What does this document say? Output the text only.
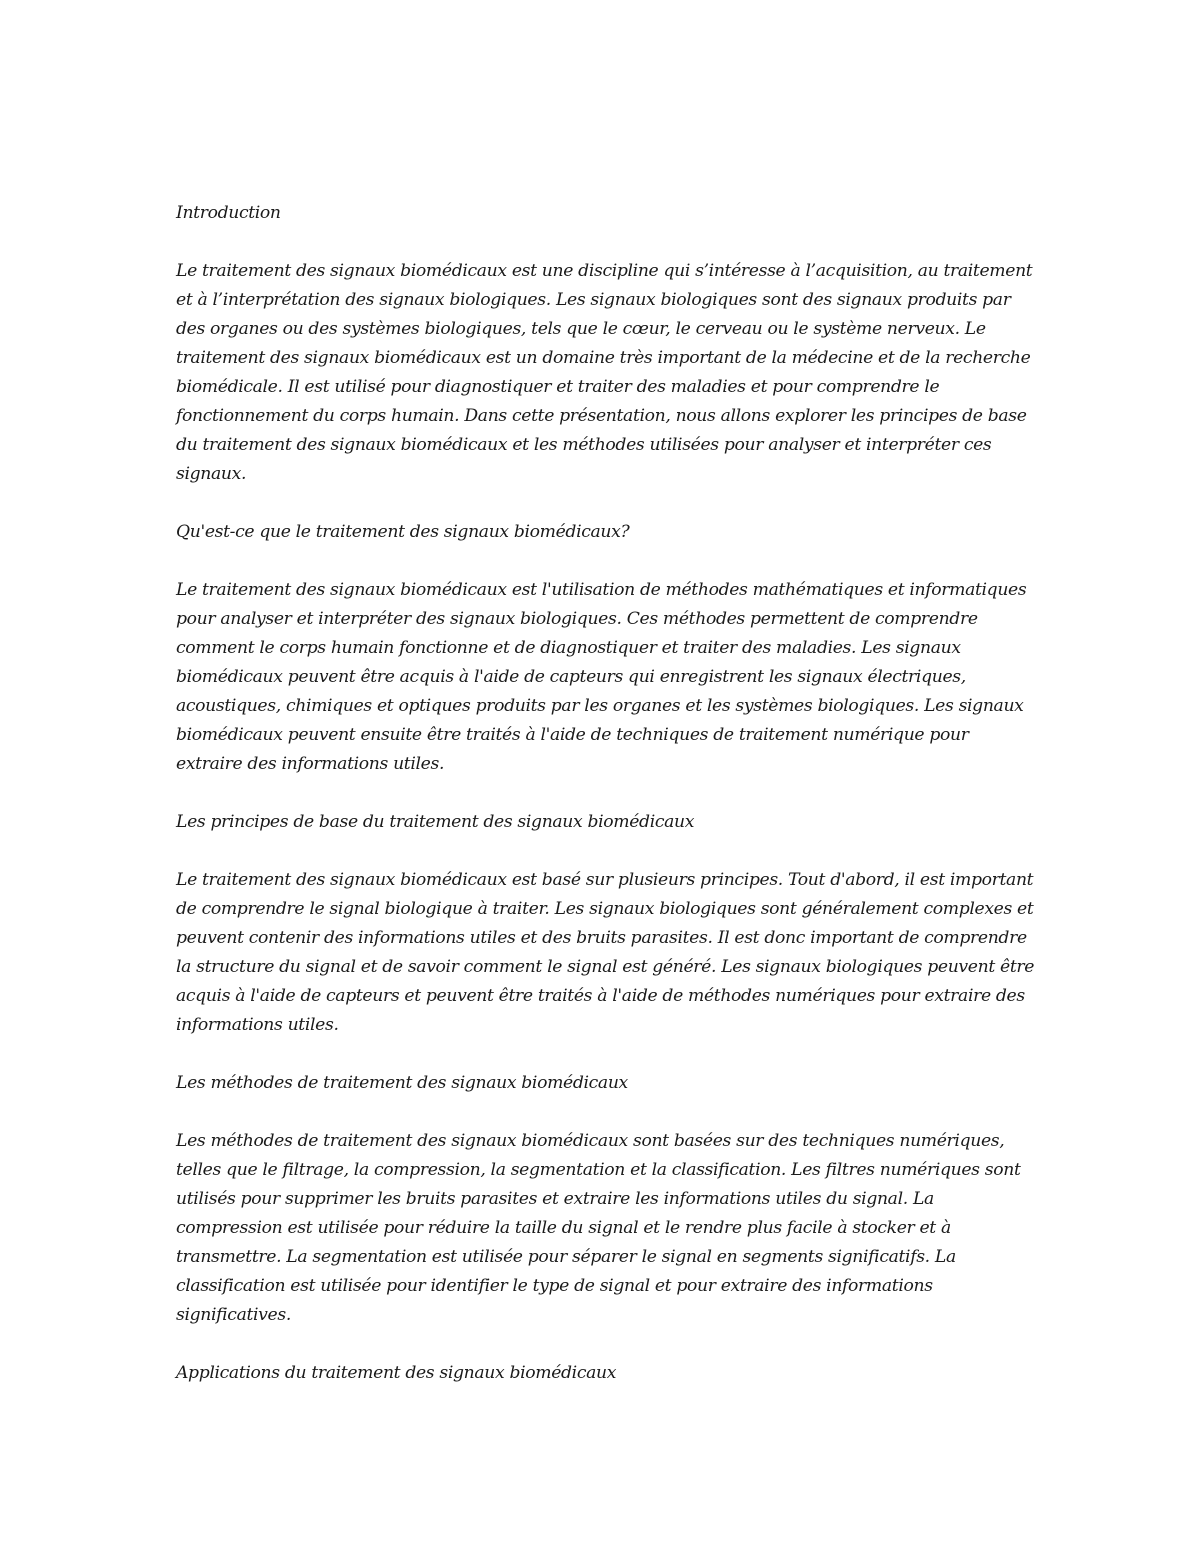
Introduction

Le traitement des signaux biomédicaux est une discipline qui s’intéresse à l’acquisition, au traitement et à l’interprétation des signaux biologiques. Les signaux biologiques sont des signaux produits par des organes ou des systèmes biologiques, tels que le cœur, le cerveau ou le système nerveux. Le traitement des signaux biomédicaux est un domaine très important de la médecine et de la recherche biomédicale. Il est utilisé pour diagnostiquer et traiter des maladies et pour comprendre le fonctionnement du corps humain. Dans cette présentation, nous allons explorer les principes de base du traitement des signaux biomédicaux et les méthodes utilisées pour analyser et interpréter ces signaux.

Qu'est-ce que le traitement des signaux biomédicaux?

Le traitement des signaux biomédicaux est l'utilisation de méthodes mathématiques et informatiques pour analyser et interpréter des signaux biologiques. Ces méthodes permettent de comprendre comment le corps humain fonctionne et de diagnostiquer et traiter des maladies. Les signaux biomédicaux peuvent être acquis à l'aide de capteurs qui enregistrent les signaux électriques, acoustiques, chimiques et optiques produits par les organes et les systèmes biologiques. Les signaux biomédicaux peuvent ensuite être traités à l'aide de techniques de traitement numérique pour extraire des informations utiles.

Les principes de base du traitement des signaux biomédicaux

Le traitement des signaux biomédicaux est basé sur plusieurs principes. Tout d'abord, il est important de comprendre le signal biologique à traiter. Les signaux biologiques sont généralement complexes et peuvent contenir des informations utiles et des bruits parasites. Il est donc important de comprendre la structure du signal et de savoir comment le signal est généré. Les signaux biologiques peuvent être acquis à l'aide de capteurs et peuvent être traités à l'aide de méthodes numériques pour extraire des informations utiles.

Les méthodes de traitement des signaux biomédicaux

Les méthodes de traitement des signaux biomédicaux sont basées sur des techniques numériques, telles que le filtrage, la compression, la segmentation et la classification. Les filtres numériques sont utilisés pour supprimer les bruits parasites et extraire les informations utiles du signal. La compression est utilisée pour réduire la taille du signal et le rendre plus facile à stocker et à transmettre. La segmentation est utilisée pour séparer le signal en segments significatifs. La classification est utilisée pour identifier le type de signal et pour extraire des informations significatives.

Applications du traitement des signaux biomédicaux
